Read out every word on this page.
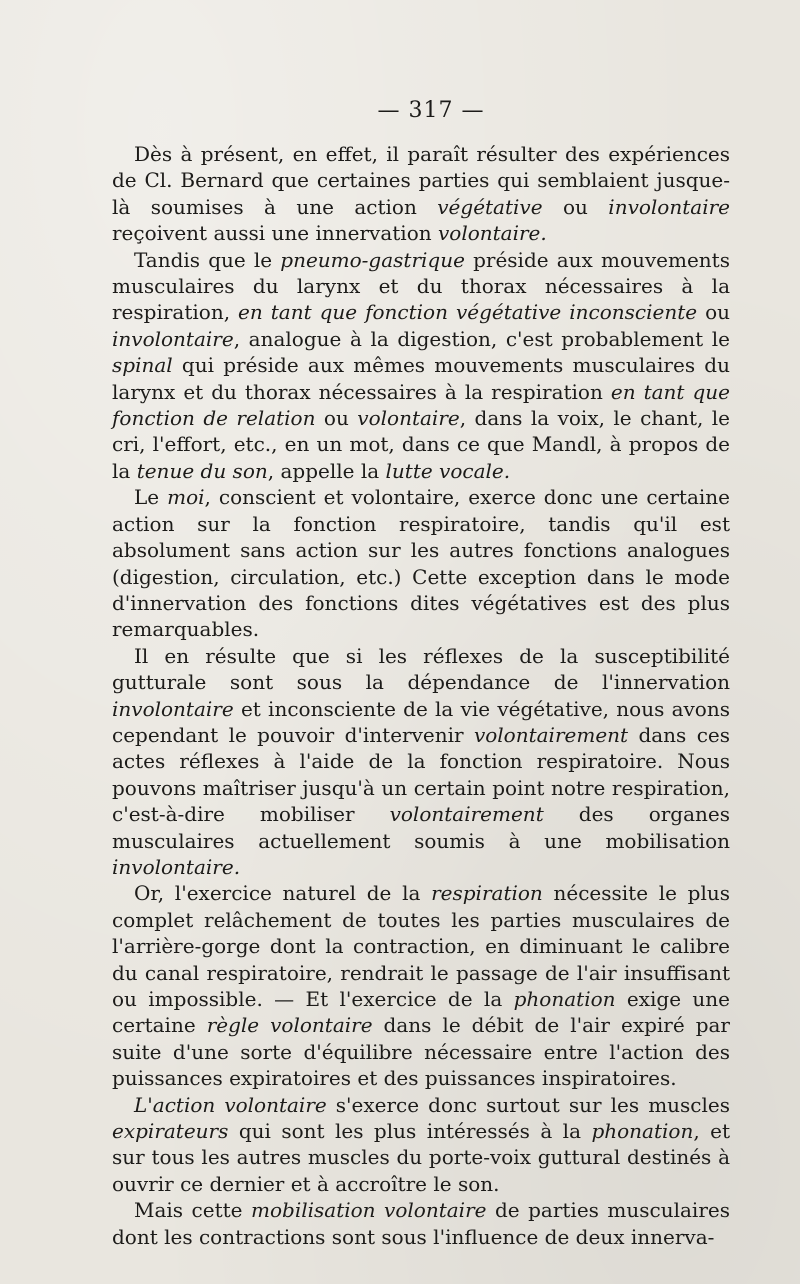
— 317 —

Dès à présent, en effet, il paraît résulter des expériences de Cl. Bernard que certaines parties qui semblaient jusque-là soumises à une action végétative ou involontaire reçoivent aussi une innervation volontaire.

Tandis que le pneumo-gastrique préside aux mouvements musculaires du larynx et du thorax nécessaires à la respiration, en tant que fonction végétative inconsciente ou involontaire, analogue à la digestion, c'est probablement le spinal qui préside aux mêmes mouvements musculaires du larynx et du thorax nécessaires à la respiration en tant que fonction de relation ou volontaire, dans la voix, le chant, le cri, l'effort, etc., en un mot, dans ce que Mandl, à propos de la tenue du son, appelle la lutte vocale.

Le moi, conscient et volontaire, exerce donc une certaine action sur la fonction respiratoire, tandis qu'il est absolument sans action sur les autres fonctions analogues (digestion, circulation, etc.) Cette exception dans le mode d'innervation des fonctions dites végétatives est des plus remarquables.

Il en résulte que si les réflexes de la susceptibilité gutturale sont sous la dépendance de l'innervation involontaire et inconsciente de la vie végétative, nous avons cependant le pouvoir d'intervenir volontairement dans ces actes réflexes à l'aide de la fonction respiratoire. Nous pouvons maîtriser jusqu'à un certain point notre respiration, c'est-à-dire mobiliser volontairement des organes musculaires actuellement soumis à une mobilisation involontaire.

Or, l'exercice naturel de la respiration nécessite le plus complet relâchement de toutes les parties musculaires de l'arrière-gorge dont la contraction, en diminuant le calibre du canal respiratoire, rendrait le passage de l'air insuffisant ou impossible. — Et l'exercice de la phonation exige une certaine règle volontaire dans le débit de l'air expiré par suite d'une sorte d'équilibre nécessaire entre l'action des puissances expiratoires et des puissances inspiratoires.

L'action volontaire s'exerce donc surtout sur les muscles expirateurs qui sont les plus intéressés à la phonation, et sur tous les autres muscles du porte-voix guttural destinés à ouvrir ce dernier et à accroître le son.

Mais cette mobilisation volontaire de parties musculaires dont les contractions sont sous l'influence de deux innerva-
